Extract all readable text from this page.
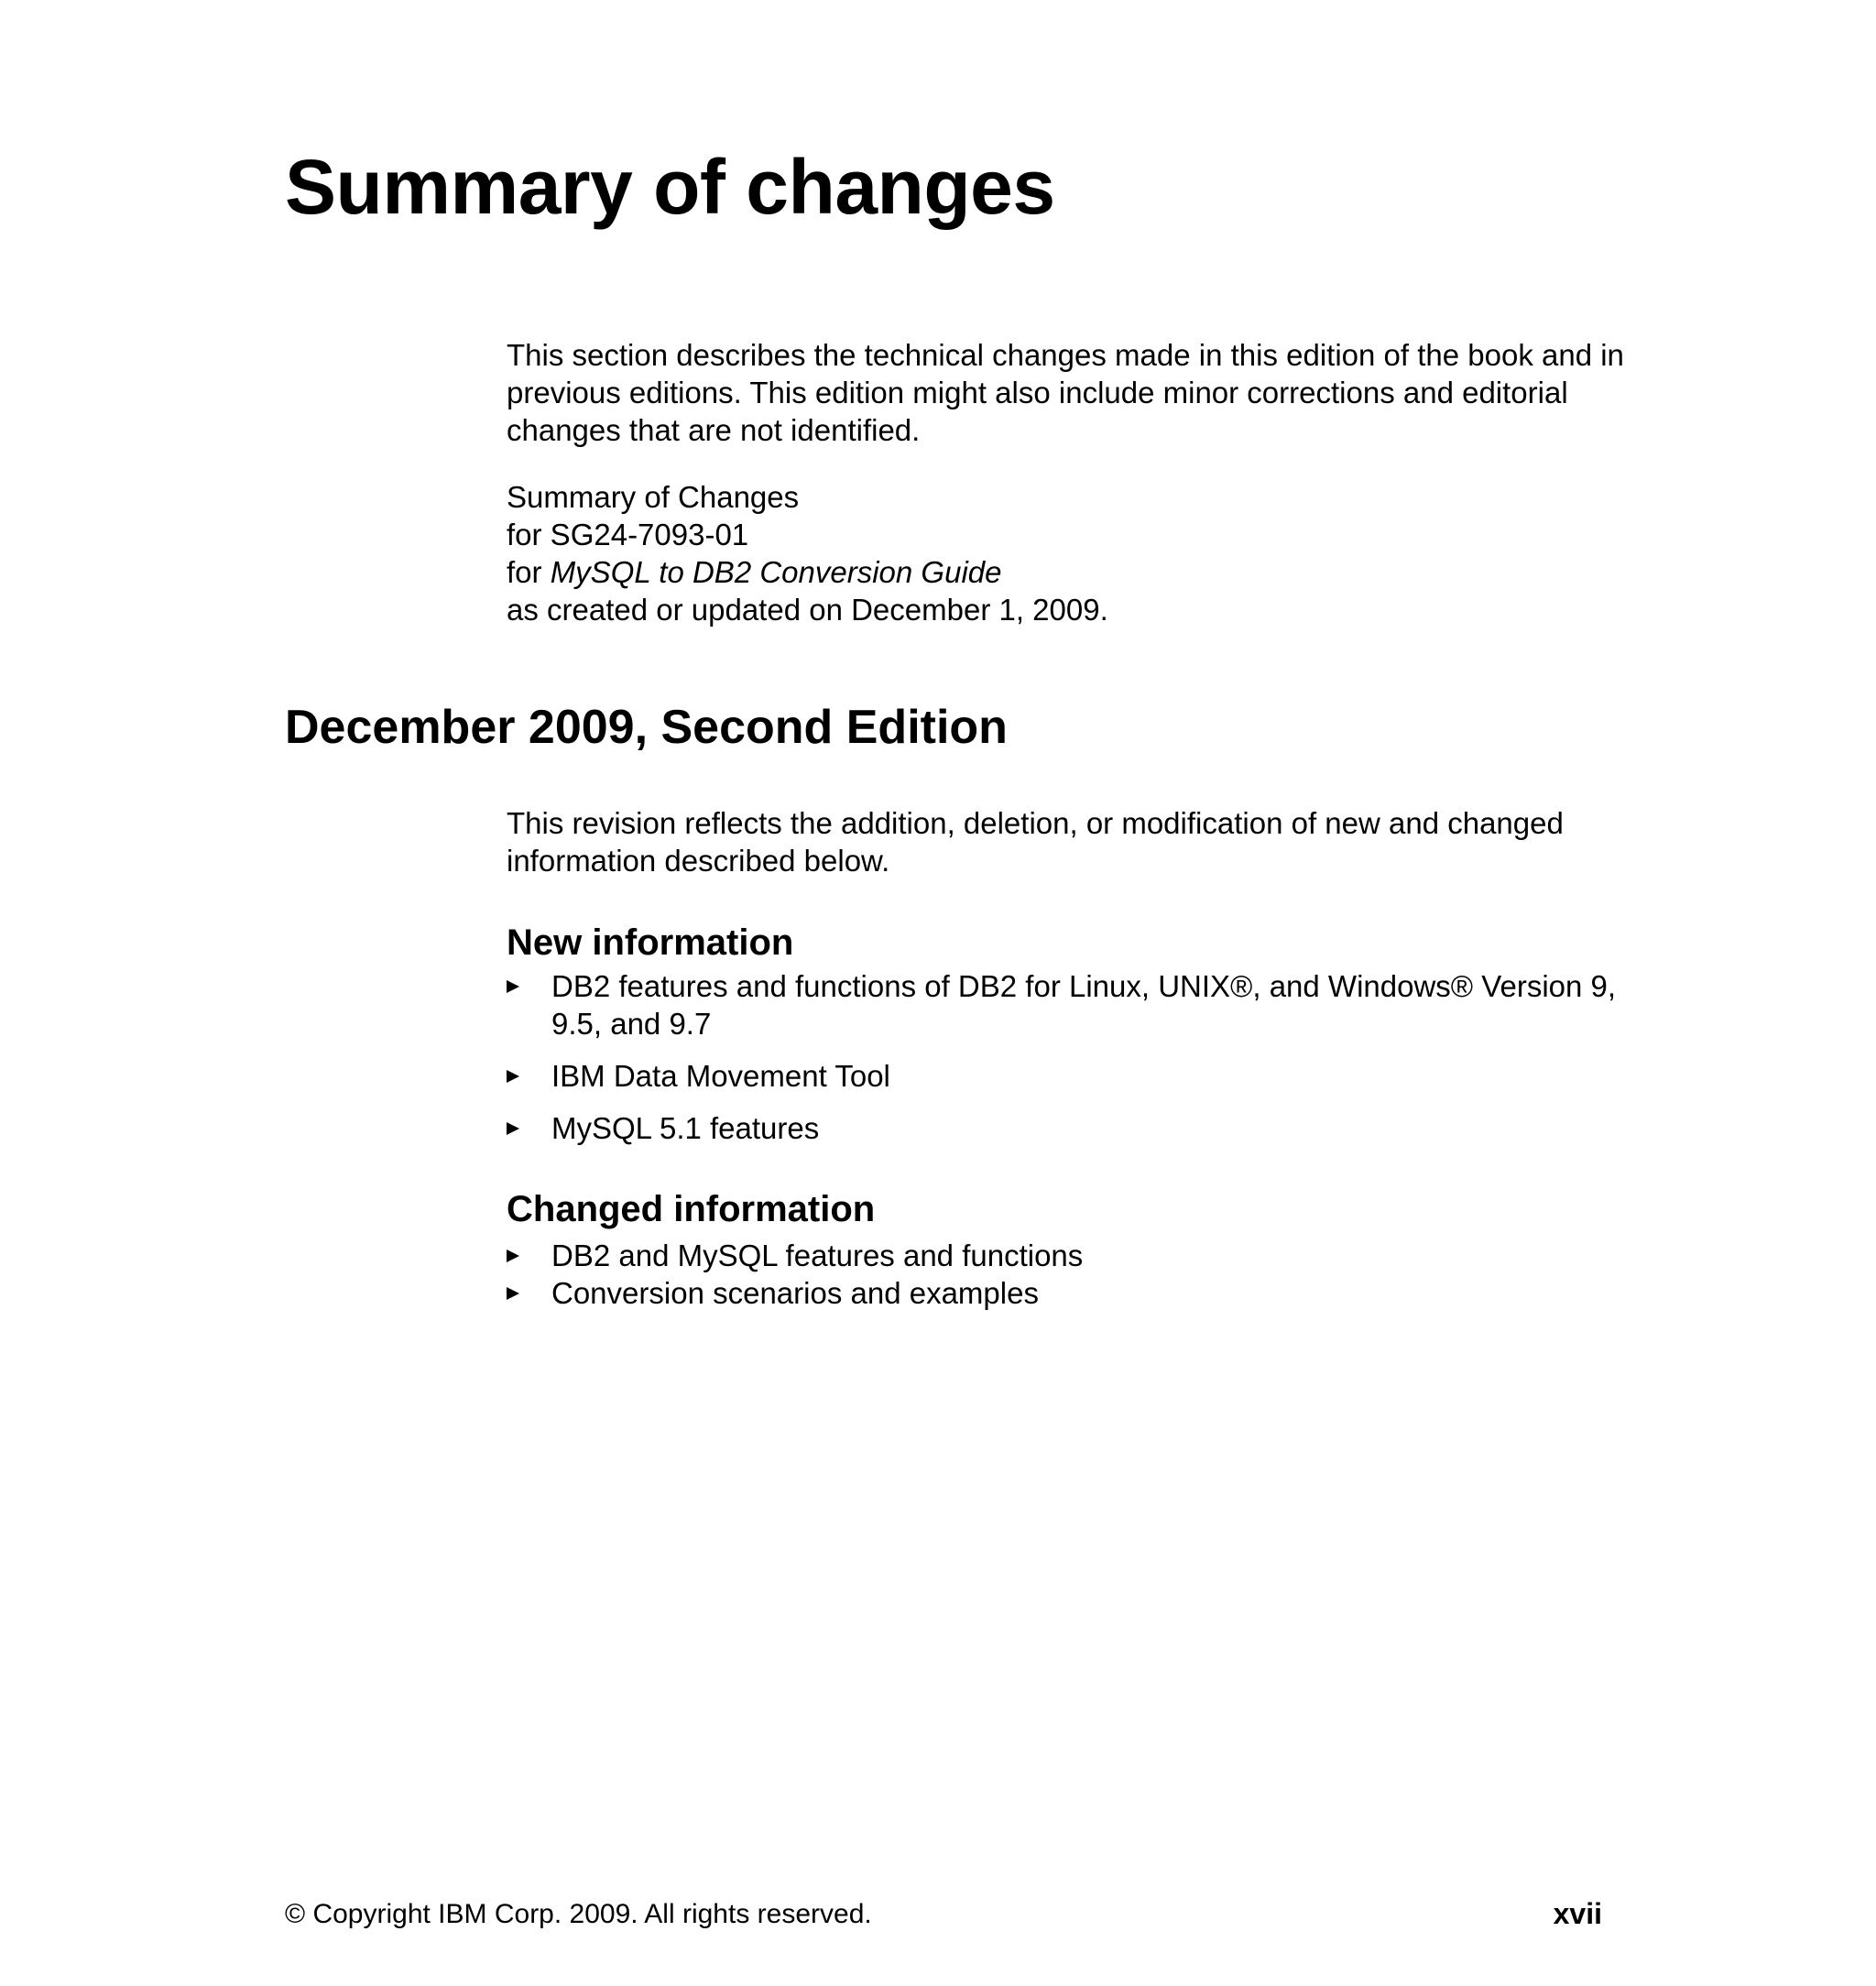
Summary of changes

This section describes the technical changes made in this edition of the book and in previous editions. This edition might also include minor corrections and editorial changes that are not identified.

Summary of Changes
for SG24-7093-01
for MySQL to DB2 Conversion Guide
as created or updated on December 1, 2009.
December 2009, Second Edition

This revision reflects the addition, deletion, or modification of new and changed information described below.

New information
DB2 features and functions of DB2 for Linux, UNIX®, and Windows® Version 9, 9.5, and 9.7
IBM Data Movement Tool
MySQL 5.1 features
Changed information
DB2 and MySQL features and functions
Conversion scenarios and examples
© Copyright IBM Corp. 2009. All rights reserved.	xvii
